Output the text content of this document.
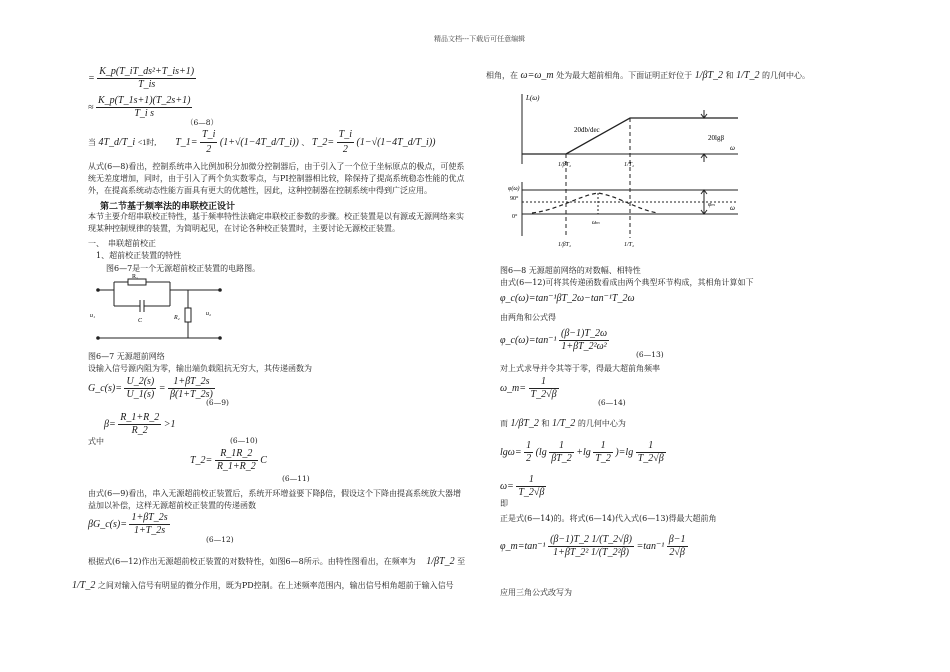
精品文档---下载后可任意编辑
= $\frac{\text{K\_p(T\_iT\_ds²+T\_is+1)}}{T\_is}$
≈ $\frac{K\_p(T\_1s+1)(T\_2s+1)}{\text{T\_i s}}$
（6—8）
当 4T_d/T_i <1时, T_1= $\frac{T\_i}{2}$ (1+√(1−4T_d/T_i)) 、 T_2= $\frac{T\_i}{2}$ (1−√(1−4T_d/T_i))
从式(6—8)看出，控制系统串入比例加积分加微分控制器后，由于引入了一个位于坐标原点的极点，可使系统无差度增加，同时，由于引入了两个负实数零点，与PI控制器相比较，除保持了提高系统稳态性能的优点外，在提高系统动态性能方面具有更大的优越性，因此，这种控制器在控制系统中得到广泛应用。
第二节基于频率法的串联校正设计
本节主要介绍串联校正特性，基于频率特性法确定串联校正参数的步骤。校正装置是以有源或无源网络来实现某种控制规律的装置，为简明起见，在讨论各种校正装置时，主要讨论无源校正装置。
一、　串联超前校正
1、超前校正装置的特性
图6—7是一个无源超前校正装置的电路图。
R₁
C	R₂
u₁	u₂
图6—7 无源超前网络
设输入信号源内阻为零，输出端负载阻抗无穷大，其传递函数为
G_c(s)= $\frac{U\_2(s)}{U\_1(s)} = \frac{1+\beta T\_2s}{\beta(1+T\_2s)}$
(6—9)
$\beta= \frac{R\_1+R\_2}{R\_2} >1$
式中	(6—10)
T_2= $\frac{R\_1R\_2}{R\_1+R\_2}$ C
(6—11)
由式(6—9)看出，串入无源超前校正装置后，系统开环增益要下降β倍，假设这个下降由提高系统放大器增益加以补偿，这样无源超前校正装置的传递函数
βG_c(s)= $\frac{1+\beta T\_2s}{1+T\_2s}$
(6—12)
根据式(6—12)作出无源超前校正装置的对数特性，如图6—8所示。由特性图看出，在频率为 1/βT_2 至
1/T_2 之间对输入信号有明显的微分作用，既为PD控制。在上述频率范围内，输出信号相角超前于输入信号
相角，在 ω=ω_m 处为最大超前相角。下面证明正好位于 1/βT_2 和 1/T_2 的几何中心。
L(ω)
20db/dec
20lgβ
ω
1/βT₂	1/T₂
φ(ω)
90°
0°
ω
ωₘ
φₘ
1/βT₂	1/T₂
图6—8 无源超前网络的对数幅、相特性
由式(6—12)可将其传递函数看成由两个典型环节构成，其相角计算如下
φ_c(ω)=tan⁻¹βT_2ω−tan⁻¹T_2ω
由两角和公式得
φ_c(ω)=tan⁻¹ $\frac{(\beta-1)T\_2\omega}{\text{1+βT\_2²ω²}}$
(6—13)
对上式求导并令其等于零，得最大超前角频率
ω_m= $\frac{1}{T\_2√\beta}$
(6—14)
而 1/βT_2 和 1/T_2 的几何中心为
$\lg\omega= \frac{1}{2} (\lg \frac{1}{\beta T\_2} +\lg \frac{1}{T\_2} )=\lg \frac{1}{T\_2√\beta}$
$\omega= \frac{1}{T\_2√\beta}$
即
正是式(6—14)的。将式(6—14)代入式(6—13)得最大超前角
φ_m=tan⁻¹ $\frac{(\beta-1)T\_2 1/(T\_2√\beta)}{\text{1+βT\_2² 1/(T\_2²β)}} =\tan^{-1} \frac{\beta-1}{2√\beta}$
应用三角公式改写为
